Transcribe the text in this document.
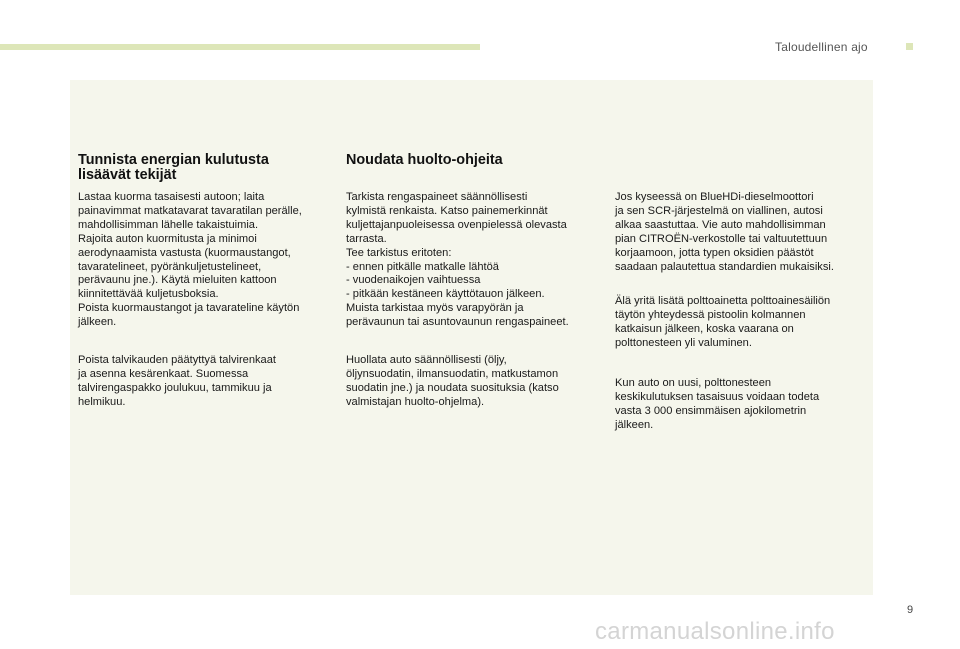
Taloudellinen ajo
Tunnista energian kulutusta
lisäävät tekijät

Lastaa kuorma tasaisesti autoon; laita
painavimmat matkatavarat tavaratilan perälle,
mahdollisimman lähelle takaistuimia.
Rajoita auton kuormitusta ja minimoi
aerodynaamista vastusta (kuormaustangot,
tavaratelineet, pyöränkuljetustelineet,
perävaunu jne.). Käytä mieluiten kattoon
kiinnitettävää kuljetusboksia.
Poista kuormaustangot ja tavarateline käytön
jälkeen.

Poista talvikauden päätyttyä talvirenkaat
ja asenna kesärenkaat. Suomessa
talvirengaspakko joulukuu, tammikuu ja
helmikuu.

Noudata huolto-ohjeita

Tarkista rengaspaineet säännöllisesti
kylmistä renkaista. Katso painemerkinnät
kuljettajanpuoleisessa ovenpielessä olevasta
tarrasta.
Tee tarkistus eritoten:
- ennen pitkälle matkalle lähtöä
- vuodenaikojen vaihtuessa
- pitkään kestäneen käyttötauon jälkeen.
Muista tarkistaa myös varapyörän ja
perävaunun tai asuntovaunun rengaspaineet.

Huollata auto säännöllisesti (öljy,
öljynsuodatin, ilmansuodatin, matkustamon
suodatin jne.) ja noudata suosituksia (katso
valmistajan huolto-ohjelma).

Jos kyseessä on BlueHDi-dieselmoottori
ja sen SCR-järjestelmä on viallinen, autosi
alkaa saastuttaa. Vie auto mahdollisimman
pian CITROËN-verkostolle tai valtuutettuun
korjaamoon, jotta typen oksidien päästöt
saadaan palautettua standardien mukaisiksi.

Älä yritä lisätä polttoainetta polttoainesäiliön
täytön yhteydessä pistoolin kolmannen
katkaisun jälkeen, koska vaarana on
polttonesteen yli valuminen.

Kun auto on uusi, polttonesteen
keskikulutuksen tasaisuus voidaan todeta
vasta 3 000 ensimmäisen ajokilometrin
jälkeen.

9
carmanualsonline.info
